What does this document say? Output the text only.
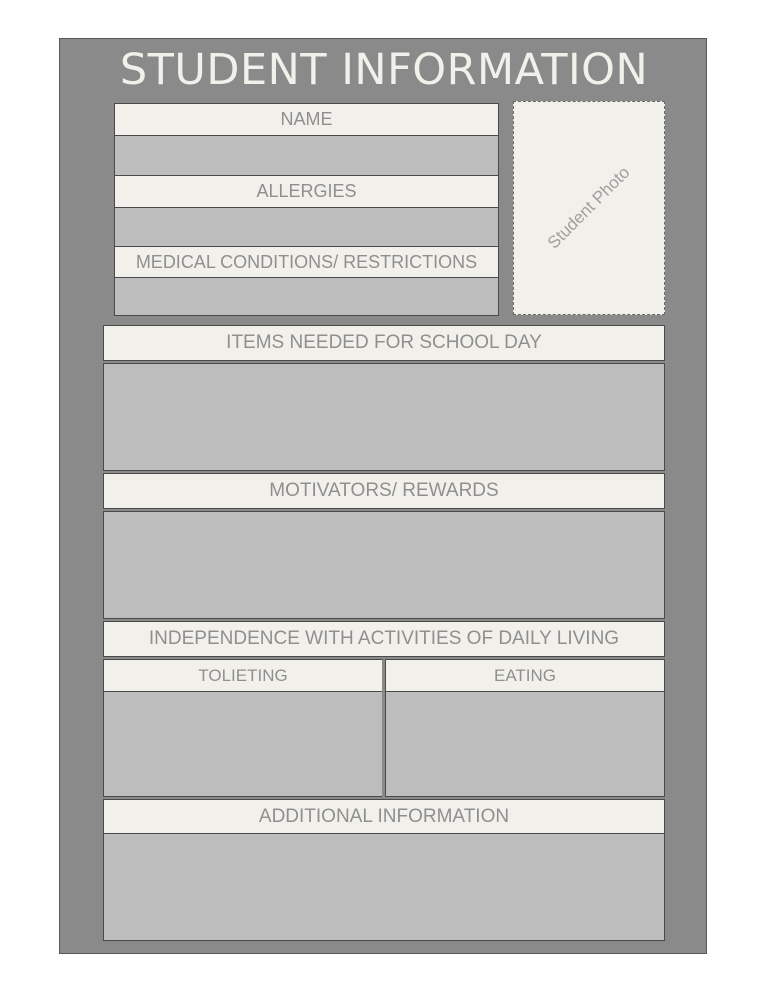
STUDENT INFORMATION
NAME
ALLERGIES
MEDICAL CONDITIONS/ RESTRICTIONS
Student Photo
ITEMS NEEDED FOR SCHOOL DAY
MOTIVATORS/ REWARDS
INDEPENDENCE WITH ACTIVITIES OF DAILY LIVING
TOLIETING	EATING
ADDITIONAL INFORMATION
